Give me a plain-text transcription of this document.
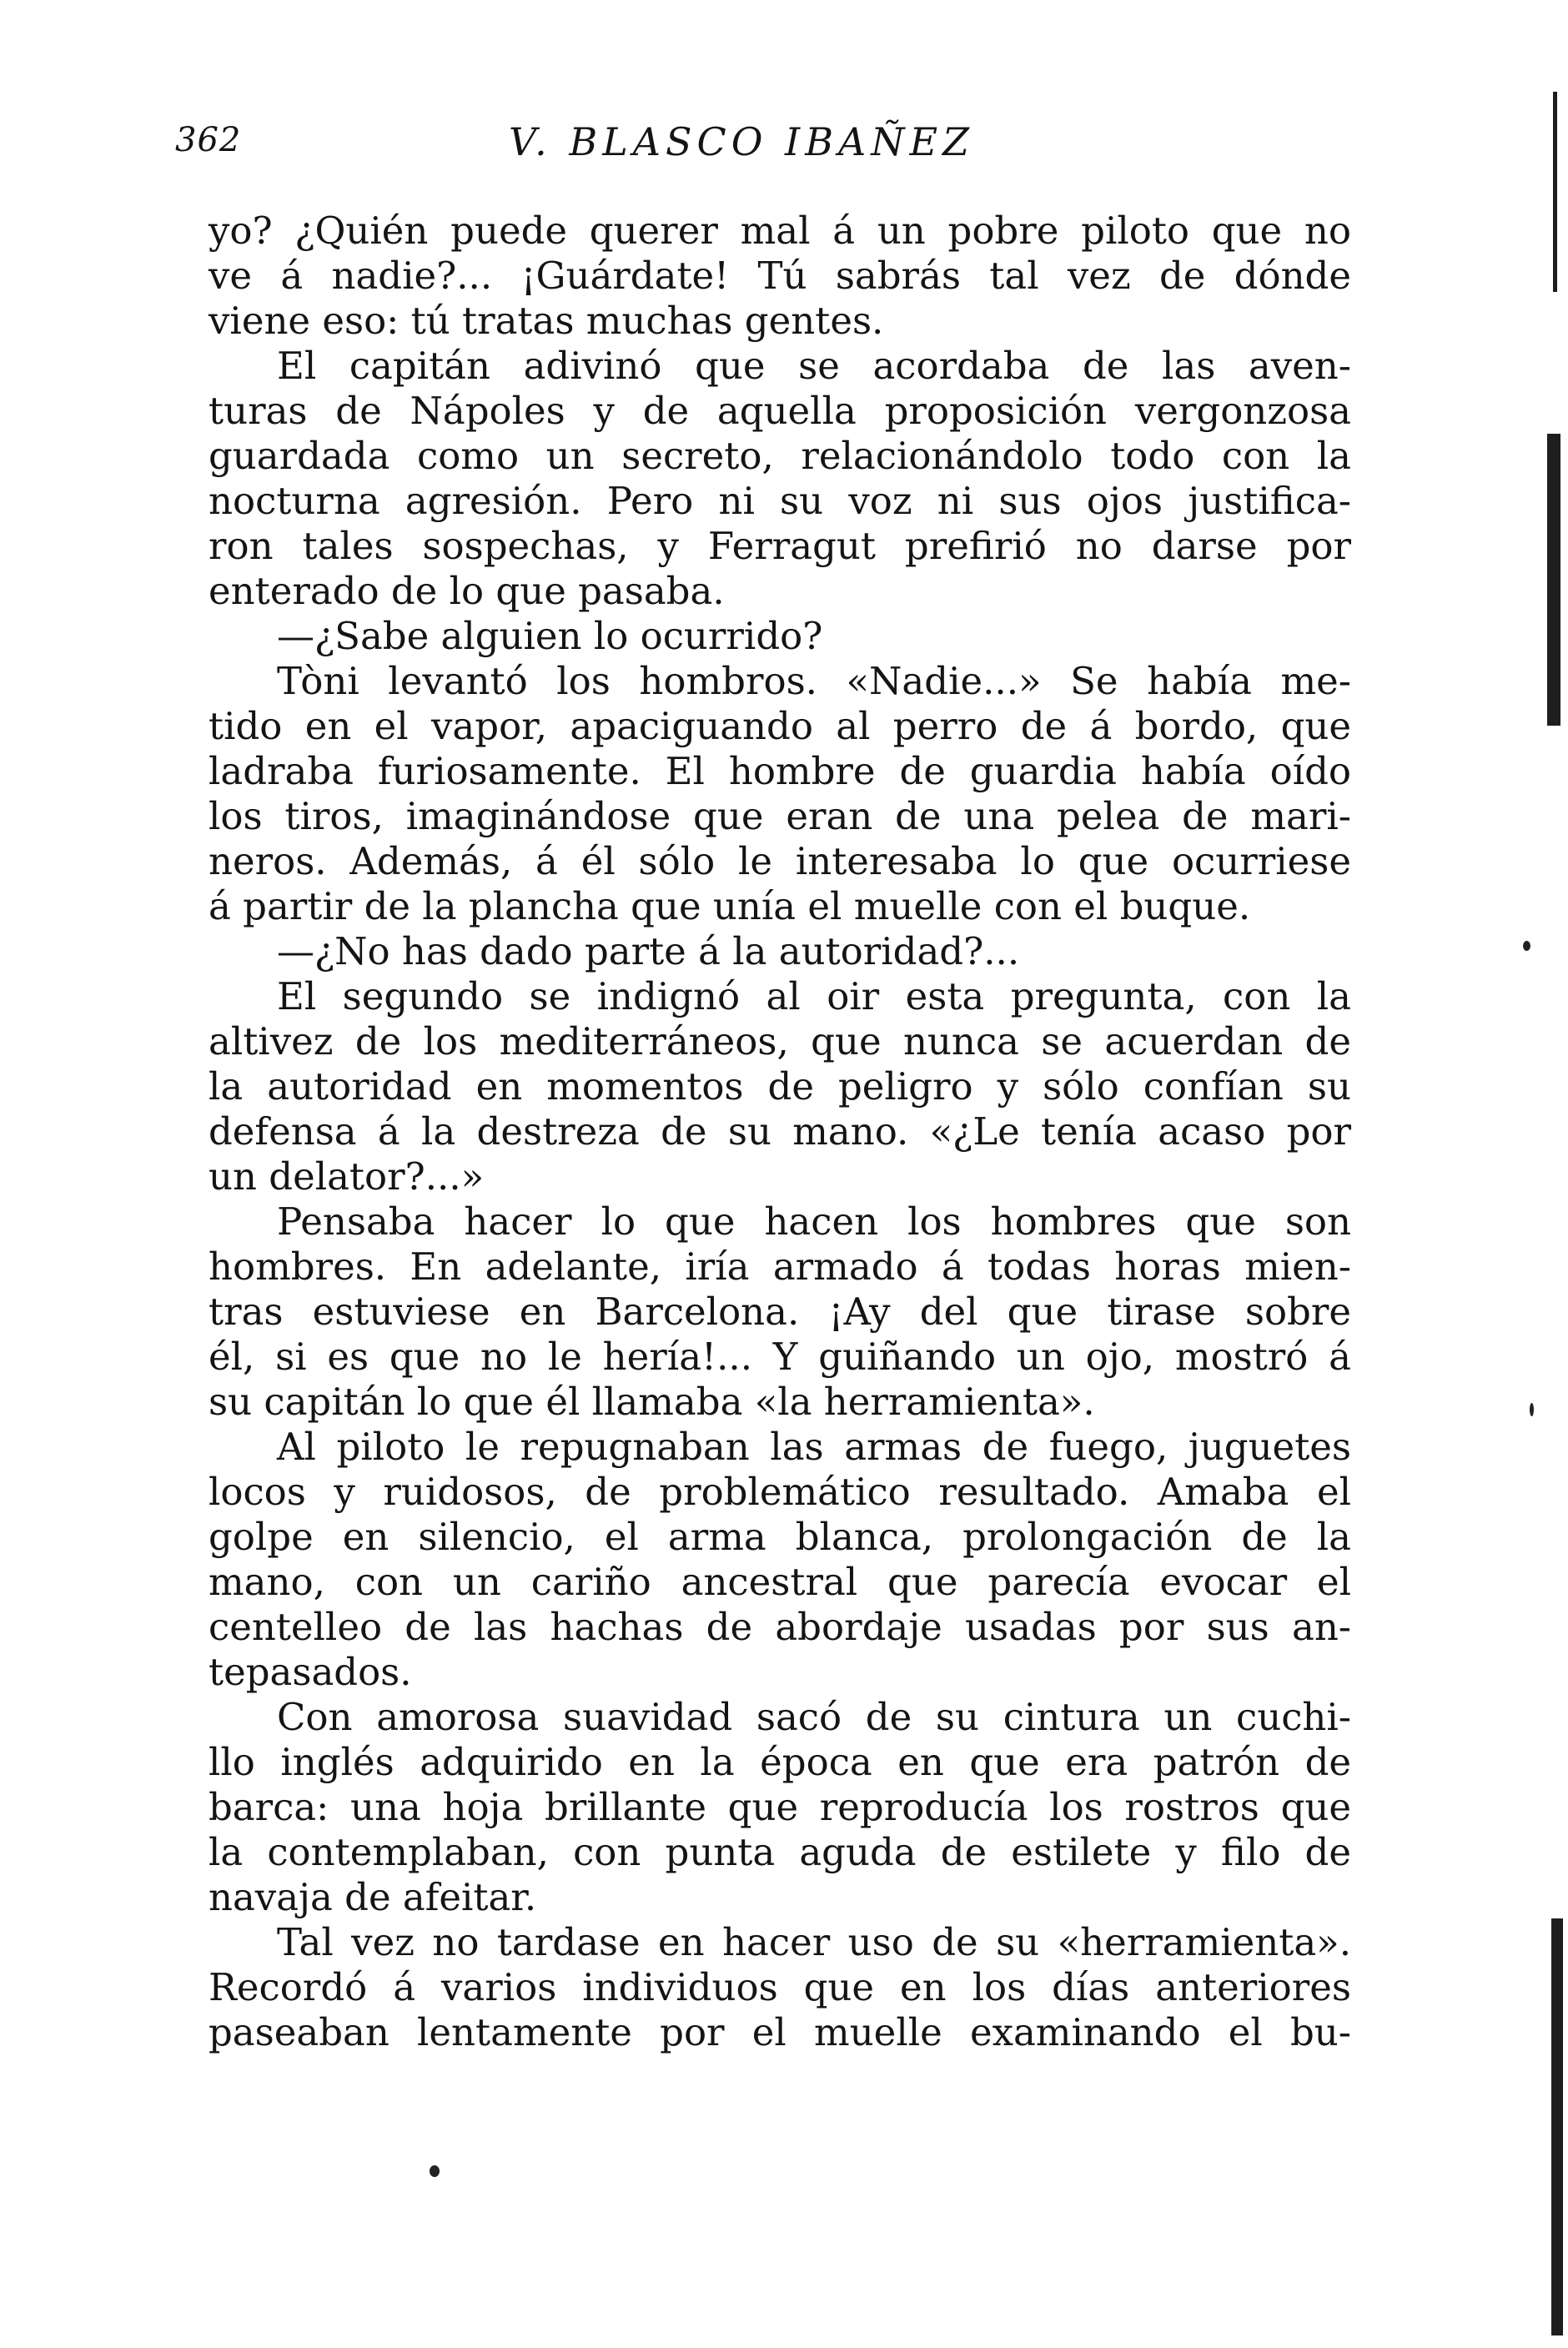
362	V. BLASCO IBAÑEZ
yo? ¿Quién puede querer mal á un pobre piloto que no
ve á nadie?... ¡Guárdate! Tú sabrás tal vez de dónde
viene eso: tú tratas muchas gentes.
El capitán adivinó que se acordaba de las aven-
turas de Nápoles y de aquella proposición vergonzosa
guardada como un secreto, relacionándolo todo con la
nocturna agresión. Pero ni su voz ni sus ojos justifica-
ron tales sospechas, y Ferragut prefirió no darse por
enterado de lo que pasaba.
—¿Sabe alguien lo ocurrido?
Tòni levantó los hombros. «Nadie...» Se había me-
tido en el vapor, apaciguando al perro de á bordo, que
ladraba furiosamente. El hombre de guardia había oído
los tiros, imaginándose que eran de una pelea de mari-
neros. Además, á él sólo le interesaba lo que ocurriese
á partir de la plancha que unía el muelle con el buque.
—¿No has dado parte á la autoridad?...
El segundo se indignó al oir esta pregunta, con la
altivez de los mediterráneos, que nunca se acuerdan de
la autoridad en momentos de peligro y sólo confían su
defensa á la destreza de su mano. «¿Le tenía acaso por
un delator?...»
Pensaba hacer lo que hacen los hombres que son
hombres. En adelante, iría armado á todas horas mien-
tras estuviese en Barcelona. ¡Ay del que tirase sobre
él, si es que no le hería!... Y guiñando un ojo, mostró á
su capitán lo que él llamaba «la herramienta».
Al piloto le repugnaban las armas de fuego, juguetes
locos y ruidosos, de problemático resultado. Amaba el
golpe en silencio, el arma blanca, prolongación de la
mano, con un cariño ancestral que parecía evocar el
centelleo de las hachas de abordaje usadas por sus an-
tepasados.
Con amorosa suavidad sacó de su cintura un cuchi-
llo inglés adquirido en la época en que era patrón de
barca: una hoja brillante que reproducía los rostros que
la contemplaban, con punta aguda de estilete y filo de
navaja de afeitar.
Tal vez no tardase en hacer uso de su «herramienta».
Recordó á varios individuos que en los días anteriores
paseaban lentamente por el muelle examinando el bu-
